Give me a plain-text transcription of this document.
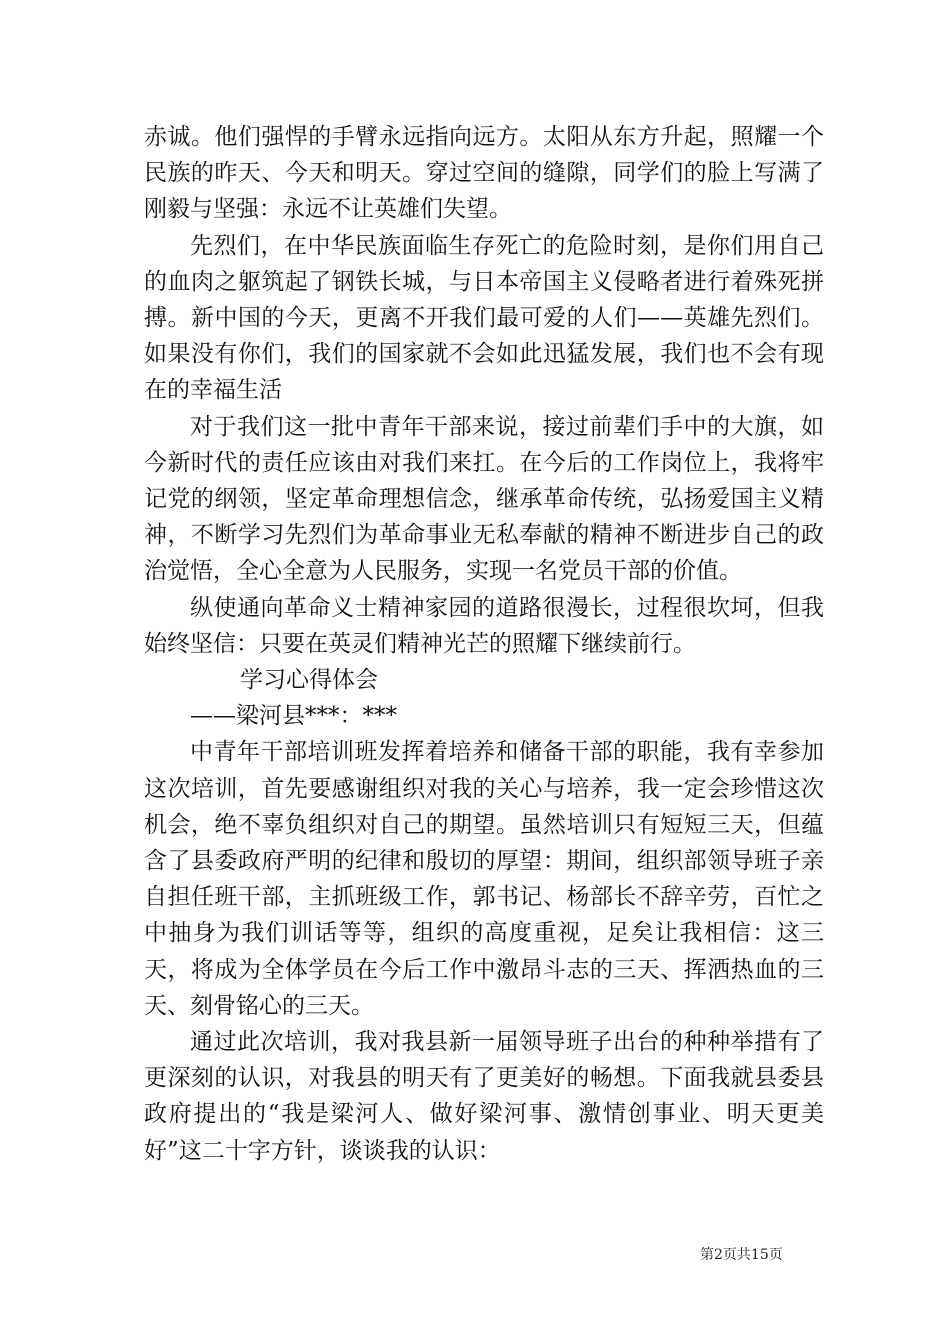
赤诚。他们强悍的手臂永远指向远方。太阳从东方升起，照耀一个民族的昨天、今天和明天。穿过空间的缝隙，同学们的脸上写满了刚毅与坚强：永远不让英雄们失望。

先烈们，在中华民族面临生存死亡的危险时刻，是你们用自己的血肉之躯筑起了钢铁长城，与日本帝国主义侵略者进行着殊死拼搏。新中国的今天，更离不开我们最可爱的人们——英雄先烈们。如果没有你们，我们的国家就不会如此迅猛发展，我们也不会有现在的幸福生活

对于我们这一批中青年干部来说，接过前辈们手中的大旗，如今新时代的责任应该由对我们来扛。在今后的工作岗位上，我将牢记党的纲领，坚定革命理想信念，继承革命传统，弘扬爱国主义精神，不断学习先烈们为革命事业无私奉献的精神不断进步自己的政治觉悟，全心全意为人民服务，实现一名党员干部的价值。

纵使通向革命义士精神家园的道路很漫长，过程很坎坷，但我始终坚信：只要在英灵们精神光芒的照耀下继续前行。

学习心得体会

——梁河县***：***

中青年干部培训班发挥着培养和储备干部的职能，我有幸参加这次培训，首先要感谢组织对我的关心与培养，我一定会珍惜这次机会，绝不辜负组织对自己的期望。虽然培训只有短短三天，但蕴含了县委政府严明的纪律和殷切的厚望：期间，组织部领导班子亲自担任班干部，主抓班级工作，郭书记、杨部长不辞辛劳，百忙之中抽身为我们训话等等，组织的高度重视，足矣让我相信：这三天，将成为全体学员在今后工作中激昂斗志的三天、挥洒热血的三天、刻骨铭心的三天。

通过此次培训，我对我县新一届领导班子出台的种种举措有了更深刻的认识，对我县的明天有了更美好的畅想。下面我就县委县政府提出的“我是梁河人、做好梁河事、激情创事业、明天更美好”这二十字方针，谈谈我的认识：

第2页共15页
